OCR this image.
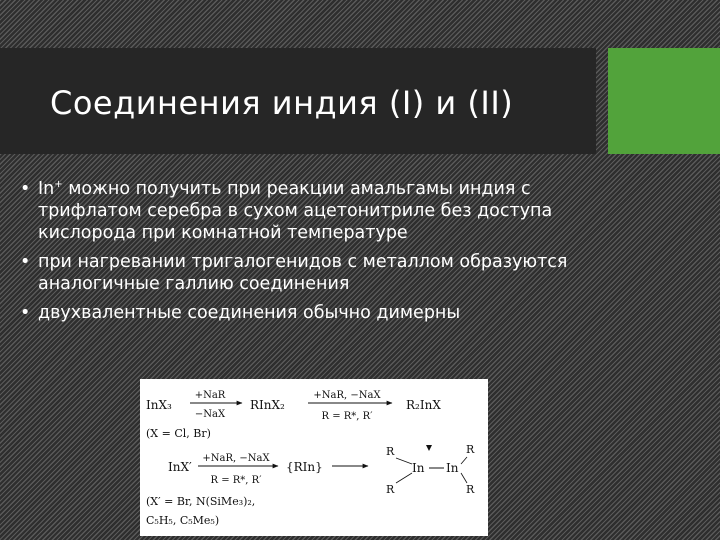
Соединения индия (I) и (II)
• In+ можно получить при реакции амальгамы индия с трифлатом серебра в сухом ацетонитриле без доступа кислорода при комнатной температуре
• при нагревании тригалогенидов с металлом образуются аналогичные галлию соединения
• двухвалентные соединения обычно димерны
InX₃
+NaR
−NaX
RInX₂
+NaR, −NaX
R = R*, R′
R₂InX
(X = Cl, Br)
InX′
+NaR, −NaX
R = R*, R′
{RIn}
R
R
In In
R
R
(X′ = Br, N(SiMe₃)₂,
C₅H₅, C₅Me₅)
